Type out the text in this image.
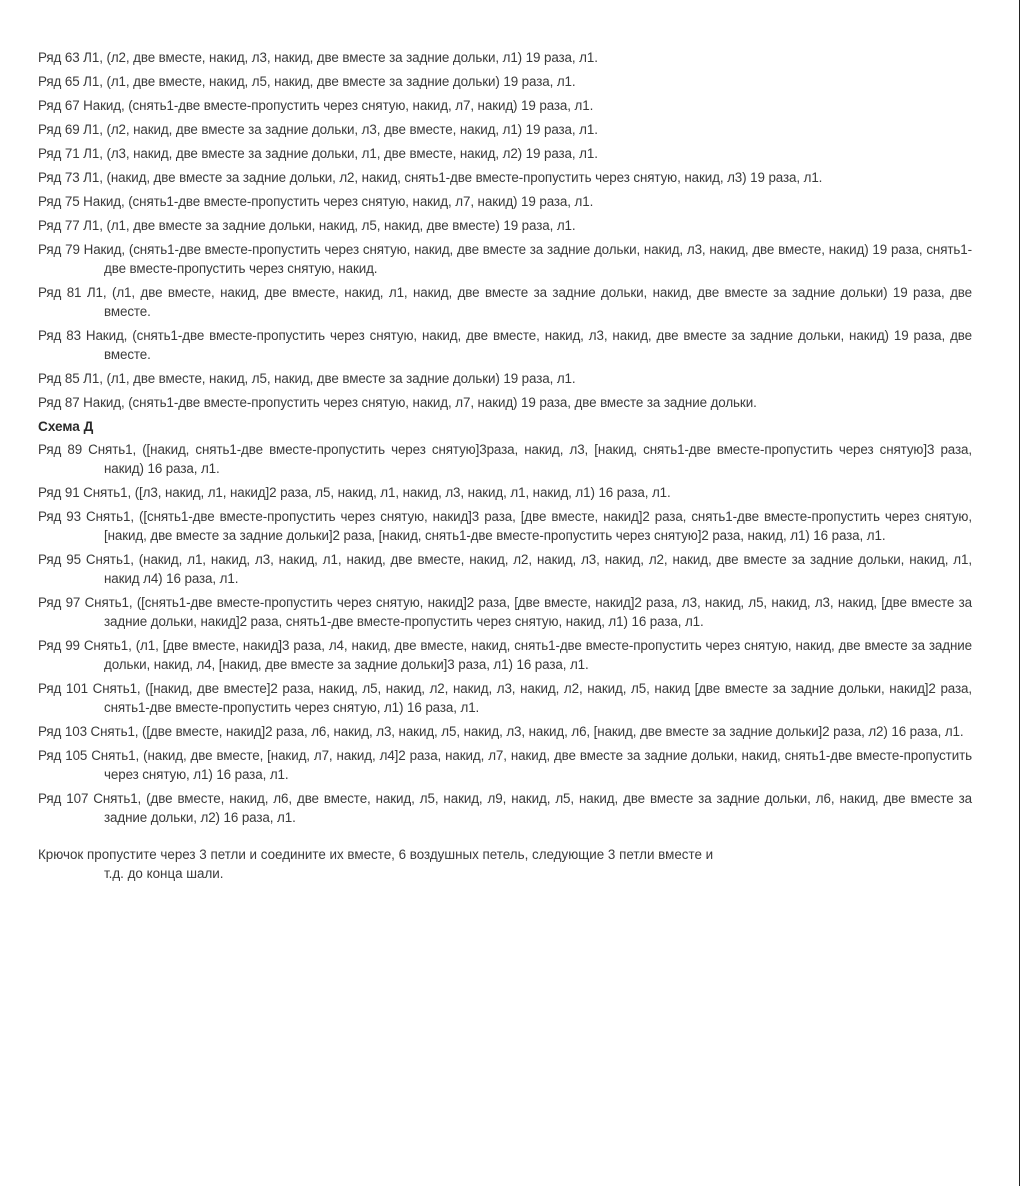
Ряд 63 Л1, (л2, две вместе, накид, л3, накид, две вместе за задние дольки, л1) 19 раза, л1.

Ряд 65 Л1, (л1, две вместе, накид, л5, накид, две вместе за задние дольки) 19 раза, л1.

Ряд 67 Накид, (снять1-две вместе-пропустить через снятую, накид, л7, накид) 19 раза, л1.

Ряд 69 Л1, (л2, накид, две вместе за задние дольки, л3, две вместе, накид, л1) 19 раза, л1.

Ряд 71 Л1, (л3, накид, две вместе за задние дольки, л1, две вместе, накид, л2) 19 раза, л1.

Ряд 73 Л1, (накид, две вместе за задние дольки, л2, накид, снять1-две вместе-пропустить через снятую, накид, л3) 19 раза, л1.

Ряд 75 Накид, (снять1-две вместе-пропустить через снятую, накид, л7, накид) 19 раза, л1.

Ряд 77 Л1, (л1, две вместе за задние дольки, накид, л5, накид, две вместе) 19 раза, л1.

Ряд 79 Накид, (снять1-две вместе-пропустить через снятую, накид, две вместе за задние дольки, накид, л3, накид, две вместе, накид) 19 раза, снять1-две вместе-пропустить через снятую, накид.

Ряд 81 Л1, (л1, две вместе, накид, две вместе, накид, л1, накид, две вместе за задние дольки, накид, две вместе за задние дольки) 19 раза, две вместе.

Ряд 83 Накид, (снять1-две вместе-пропустить через снятую, накид, две вместе, накид, л3, накид, две вместе за задние дольки, накид) 19 раза, две вместе.

Ряд 85 Л1, (л1, две вместе, накид, л5, накид, две вместе за задние дольки) 19 раза, л1.

Ряд 87 Накид, (снять1-две вместе-пропустить через снятую, накид, л7, накид) 19 раза, две вместе за задние дольки.

Схема Д

Ряд 89 Снять1, ([накид, снять1-две вместе-пропустить через снятую]3раза, накид, л3, [накид, снять1-две вместе-пропустить через снятую]3 раза, накид) 16 раза, л1.

Ряд 91 Снять1, ([л3, накид, л1, накид]2 раза, л5, накид, л1, накид, л3, накид, л1, накид, л1) 16 раза, л1.

Ряд 93 Снять1, ([снять1-две вместе-пропустить через снятую, накид]3 раза, [две вместе, накид]2 раза, снять1-две вместе-пропустить через снятую, [накид, две вместе за задние дольки]2 раза, [накид, снять1-две вместе-пропустить через снятую]2 раза, накид, л1) 16 раза, л1.

Ряд 95 Снять1, (накид, л1, накид, л3, накид, л1, накид, две вместе, накид, л2, накид, л3, накид, л2, накид, две вместе за задние дольки, накид, л1, накид л4) 16 раза, л1.

Ряд 97 Снять1, ([снять1-две вместе-пропустить через снятую, накид]2 раза, [две вместе, накид]2 раза, л3, накид, л5, накид, л3, накид, [две вместе за задние дольки, накид]2 раза, снять1-две вместе-пропустить через снятую, накид, л1) 16 раза, л1.

Ряд 99 Снять1, (л1, [две вместе, накид]3 раза, л4, накид, две вместе, накид, снять1-две вместе-пропустить через снятую, накид, две вместе за задние дольки, накид, л4, [накид, две вместе за задние дольки]3 раза, л1) 16 раза, л1.

Ряд 101 Снять1, ([накид, две вместе]2 раза, накид, л5, накид, л2, накид, л3, накид, л2, накид, л5, накид [две вместе за задние дольки, накид]2 раза, снять1-две вместе-пропустить через снятую, л1) 16 раза, л1.

Ряд 103 Снять1, ([две вместе, накид]2 раза, л6, накид, л3, накид, л5, накид, л3, накид, л6, [накид, две вместе за задние дольки]2 раза, л2) 16 раза, л1.

Ряд 105 Снять1, (накид, две вместе, [накид, л7, накид, л4]2 раза, накид, л7, накид, две вместе за задние дольки, накид, снять1-две вместе-пропустить через снятую, л1) 16 раза, л1.

Ряд 107 Снять1, (две вместе, накид, л6, две вместе, накид, л5, накид, л9, накид, л5, накид, две вместе за задние дольки, л6, накид, две вместе за задние дольки, л2) 16 раза, л1.

Крючок пропустите через 3 петли и соедините их вместе, 6 воздушных петель, следующие 3 петли вместе и
т.д. до конца шали.
